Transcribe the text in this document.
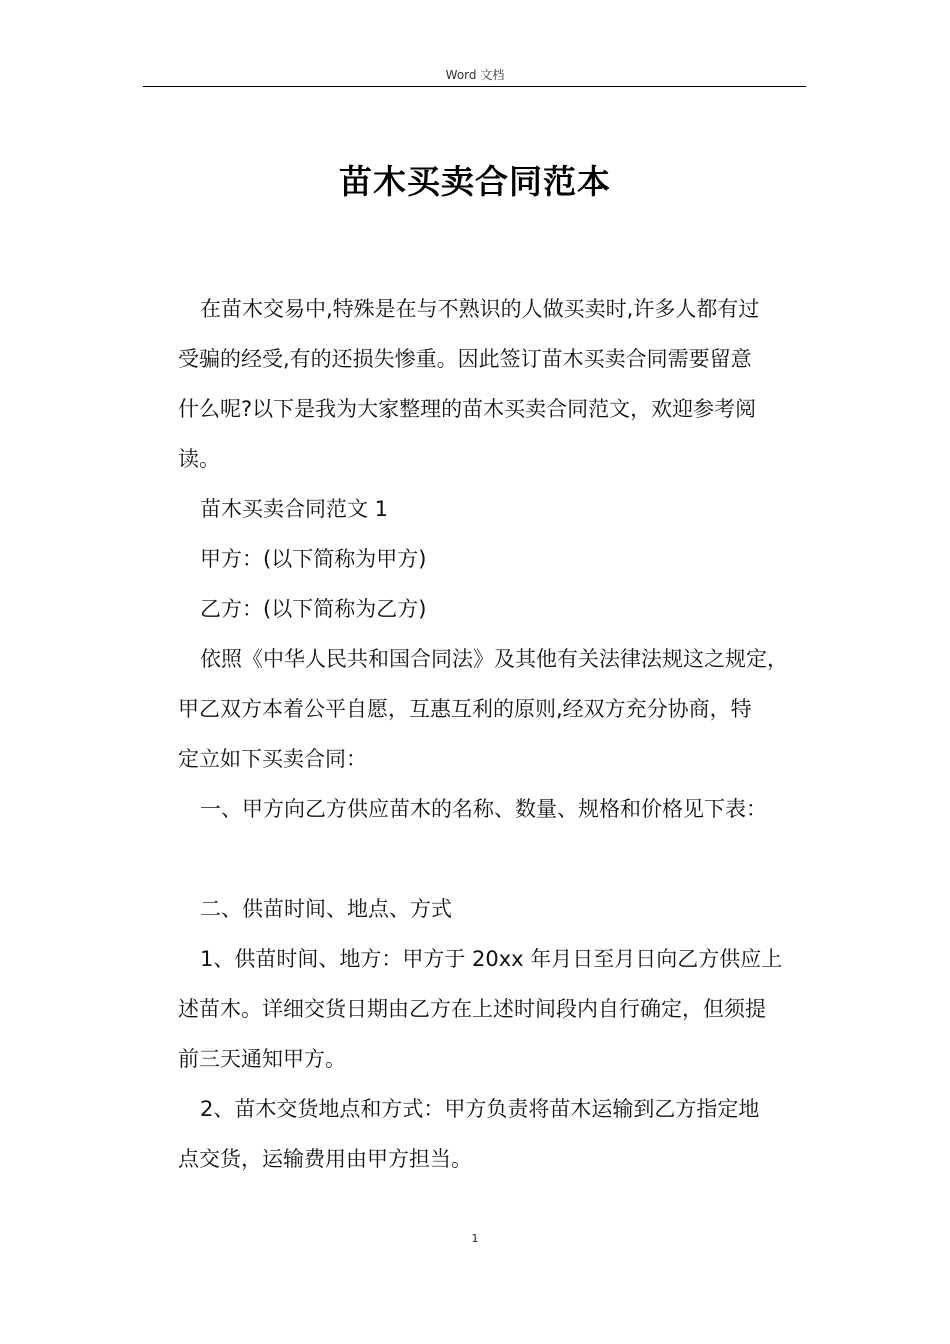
Word 文档
苗木买卖合同范本
在苗木交易中,特殊是在与不熟识的人做买卖时,许多人都有过
受骗的经受,有的还损失惨重。因此签订苗木买卖合同需要留意
什么呢?以下是我为大家整理的苗木买卖合同范文，欢迎参考阅
读。
苗木买卖合同范文 1
甲方：(以下简称为甲方)
乙方：(以下简称为乙方)
依照《中华人民共和国合同法》及其他有关法律法规这之规定，
甲乙双方本着公平自愿，互惠互利的原则,经双方充分协商，特
定立如下买卖合同：
一、甲方向乙方供应苗木的名称、数量、规格和价格见下表：
二、供苗时间、地点、方式
1、供苗时间、地方：甲方于 20xx 年月日至月日向乙方供应上
述苗木。详细交货日期由乙方在上述时间段内自行确定，但须提
前三天通知甲方。
2、苗木交货地点和方式：甲方负责将苗木运输到乙方指定地
点交货，运输费用由甲方担当。
1
